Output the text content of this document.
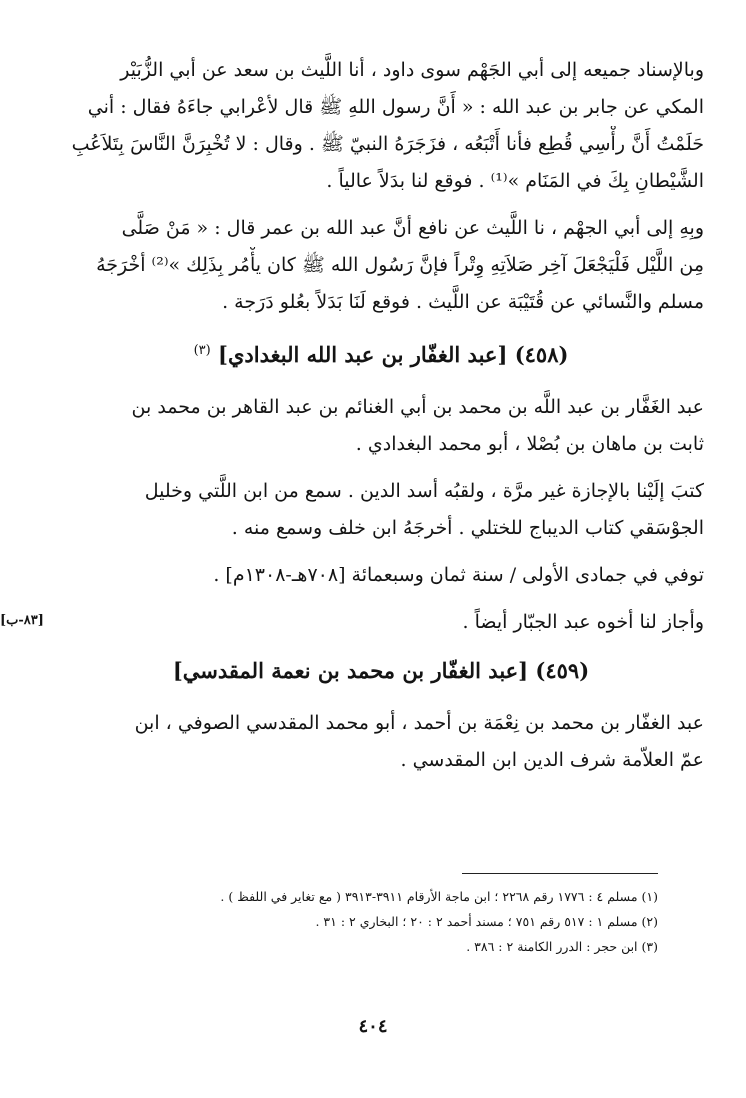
وبالإسناد جميعه إلى أبي الجَهْم سوى داود ، أنا اللَّيث بن سعد عن أبي الزُّبَيْر
المكي عن جابر بن عبد الله : « أَنَّ رسول اللهِ ﷺ قال لأعْرابي جاءَهُ فقال : أني
حَلَمْتُ أَنَّ رأْسِي قُطِع فأنا أَتْبَعُه ، فزَجَرَهُ النبيّ ﷺ . وقال : لا تُخْبِرَنَّ النَّاسَ بِتَلاَعُبِ
الشَّيْطانِ بِكَ في المَنَام »⁽¹⁾ . فوقع لنا بدَلاً عالياً .

وبِهِ إلى أبي الجهْم ، نا اللَّيث عن نافع أنَّ عبد الله بن عمر قال : « مَنْ صَلَّى
مِن اللَّيْل فَلْيَجْعَلَ آخِر صَلاَتِهِ وِتْراً فإنَّ رَسُول الله ﷺ كان يأْمُر بِذَلِك »⁽²⁾ أخْرَجَهُ
مسلم والنَّسائي عن قُتَيْبَة عن اللَّيث . فوقع لَنَا بَدَلاً بعُلو دَرَجة .

(٤٥٨) [عبد الغفّار بن عبد الله البغدادي] $^{(٣)}$

عبد الغَفَّار بن عبد اللَّه بن محمد بن أبي الغنائم بن عبد القاهر بن محمد بن
ثابت بن ماهان بن بُصْلا ، أبو محمد البغدادي .

كتبَ إلَيْنا بالإجازة غير مرَّة ، ولقبُه أسد الدين . سمع من ابن اللَّتي وخليل
الجوْسَقي كتاب الديباج للختلي . أخرجَهُ ابن خلف وسمع منه .

توفي في جمادى الأولى / سنة ثمان وسبعمائة [٧٠٨هـ-١٣٠٨م] .

وأجاز لنا أخوه عبد الجبّار أيضاً .

(٤٥٩) [عبد الغفّار بن محمد بن نعمة المقدسي]

عبد الغفّار بن محمد بن نِعْمَة بن أحمد ، أبو محمد المقدسي الصوفي ، ابن
عمّ العلاّمة شرف الدين ابن المقدسي .

[٨٣-ب]
(١) مسلم ٤ : ١٧٧٦ رقم ٢٢٦٨ ؛ ابن ماجة الأرقام ٣٩١١-٣٩١٣ ( مع تغاير في اللفظ ) .
(٢) مسلم ١ : ٥١٧ رقم ٧٥١ ؛ مسند أحمد ٢ : ٢٠ ؛ البخاري ٢ : ٣١ .
(٣) ابن حجر : الدرر الكامنة ٢ : ٣٨٦ .
٤٠٤
